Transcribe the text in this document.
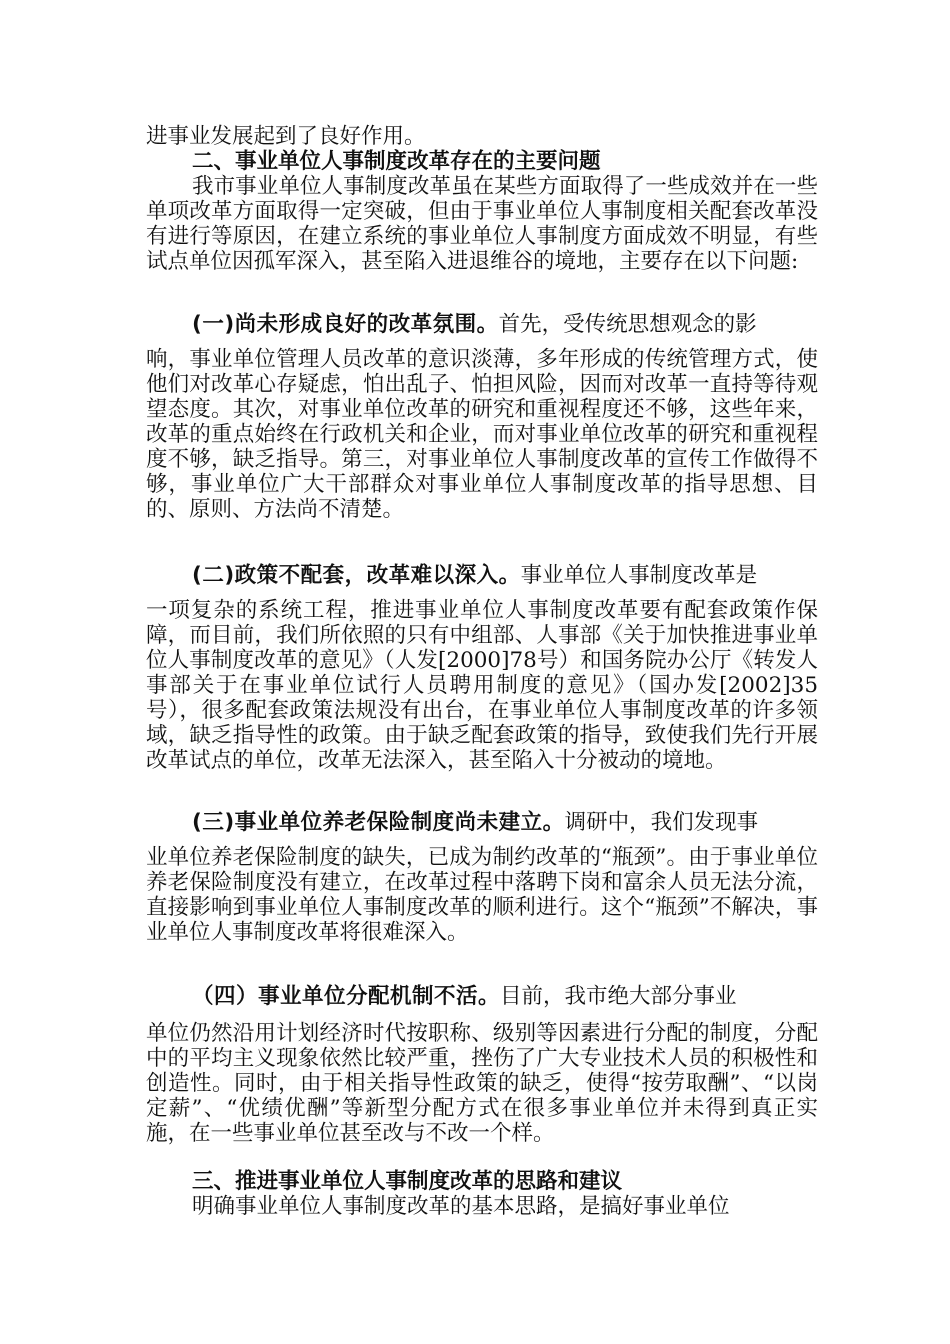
进事业发展起到了良好作用。

二、事业单位人事制度改革存在的主要问题

我市事业单位人事制度改革虽在某些方面取得了一些成效并在一些单项改革方面取得一定突破，但由于事业单位人事制度相关配套改革没有进行等原因，在建立系统的事业单位人事制度方面成效不明显，有些试点单位因孤军深入，甚至陷入进退维谷的境地，主要存在以下问题:

(一)尚未形成良好的改革氛围。首先，受传统思想观念的影

响，事业单位管理人员改革的意识淡薄，多年形成的传统管理方式，使他们对改革心存疑虑，怕出乱子、怕担风险，因而对改革一直持等待观望态度。其次，对事业单位改革的研究和重视程度还不够，这些年来，改革的重点始终在行政机关和企业，而对事业单位改革的研究和重视程度不够，缺乏指导。第三，对事业单位人事制度改革的宣传工作做得不够，事业单位广大干部群众对事业单位人事制度改革的指导思想、目的、原则、方法尚不清楚。

(二)政策不配套，改革难以深入。事业单位人事制度改革是

一项复杂的系统工程，推进事业单位人事制度改革要有配套政策作保障，而目前，我们所依照的只有中组部、人事部《关于加快推进事业单位人事制度改革的意见》（人发[2000]78号）和国务院办公厅《转发人事部关于在事业单位试行人员聘用制度的意见》（国办发[2002]35号），很多配套政策法规没有出台，在事业单位人事制度改革的许多领域，缺乏指导性的政策。由于缺乏配套政策的指导，致使我们先行开展改革试点的单位，改革无法深入，甚至陷入十分被动的境地。

(三)事业单位养老保险制度尚未建立。调研中，我们发现事

业单位养老保险制度的缺失，已成为制约改革的“瓶颈”。由于事业单位养老保险制度没有建立，在改革过程中落聘下岗和富余人员无法分流，直接影响到事业单位人事制度改革的顺利进行。这个“瓶颈”不解决，事业单位人事制度改革将很难深入。

（四）事业单位分配机制不活。目前，我市绝大部分事业

单位仍然沿用计划经济时代按职称、级别等因素进行分配的制度，分配中的平均主义现象依然比较严重，挫伤了广大专业技术人员的积极性和创造性。同时，由于相关指导性政策的缺乏，使得“按劳取酬”、“以岗定薪”、“优绩优酬”等新型分配方式在很多事业单位并未得到真正实施，在一些事业单位甚至改与不改一个样。

三、推进事业单位人事制度改革的思路和建议

明确事业单位人事制度改革的基本思路，是搞好事业单位
